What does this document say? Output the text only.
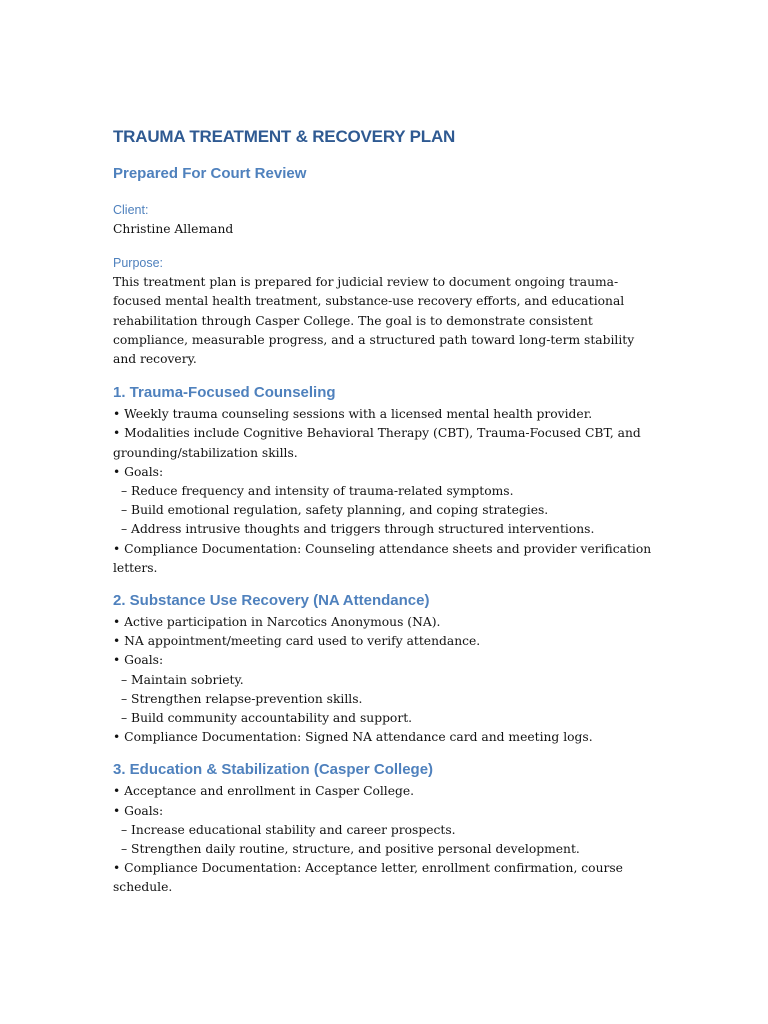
TRAUMA TREATMENT & RECOVERY PLAN
Prepared For Court Review
Client:
Christine Allemand
Purpose:
This treatment plan is prepared for judicial review to document ongoing trauma-focused mental health treatment, substance-use recovery efforts, and educational rehabilitation through Casper College. The goal is to demonstrate consistent compliance, measurable progress, and a structured path toward long-term stability and recovery.
1. Trauma-Focused Counseling

• Weekly trauma counseling sessions with a licensed mental health provider.

• Modalities include Cognitive Behavioral Therapy (CBT), Trauma-Focused CBT, and grounding/stabilization skills.

• Goals:

– Reduce frequency and intensity of trauma-related symptoms.

– Build emotional regulation, safety planning, and coping strategies.

– Address intrusive thoughts and triggers through structured interventions.

• Compliance Documentation: Counseling attendance sheets and provider verification letters.

2. Substance Use Recovery (NA Attendance)

• Active participation in Narcotics Anonymous (NA).

• NA appointment/meeting card used to verify attendance.

• Goals:

– Maintain sobriety.

– Strengthen relapse-prevention skills.

– Build community accountability and support.

• Compliance Documentation: Signed NA attendance card and meeting logs.

3. Education & Stabilization (Casper College)

• Acceptance and enrollment in Casper College.

• Goals:

– Increase educational stability and career prospects.

– Strengthen daily routine, structure, and positive personal development.

• Compliance Documentation: Acceptance letter, enrollment confirmation, course schedule.
